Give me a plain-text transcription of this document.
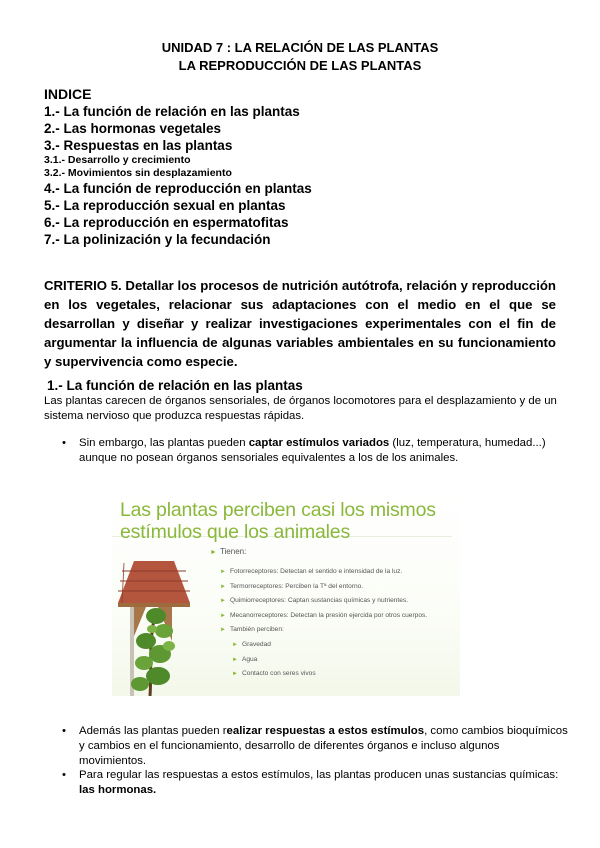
UNIDAD 7 : LA RELACIÓN DE LAS PLANTAS
LA REPRODUCCIÓN DE LAS PLANTAS
INDICE
1.- La función de relación en las plantas
2.- Las hormonas vegetales
3.- Respuestas en las plantas
3.1.- Desarrollo y crecimiento
3.2.- Movimientos sin desplazamiento
4.- La función de reproducción en plantas
5.- La reproducción sexual en plantas
6.- La reproducción en espermatofitas
7.- La polinización y la fecundación

CRITERIO 5. Detallar los procesos de nutrición autótrofa, relación y reproducción en los vegetales, relacionar sus adaptaciones con el medio en el que se desarrollan y diseñar y realizar investigaciones experimentales con el fin de argumentar la influencia de algunas variables ambientales en su funcionamiento y supervivencia como especie.

1.- La función de relación en las plantas

Las plantas carecen de órganos sensoriales, de órganos locomotores para el desplazamiento y de un sistema nervioso que produzca respuestas rápidas.

• Sin embargo, las plantas pueden captar estímulos variados (luz, temperatura, humedad...) aunque no posean órganos sensoriales equivalentes a los de los animales.

Las plantas perciben casi los mismos
estímulos que los animales
► Tienen:
► Fotorreceptores: Detectan el sentido e intensidad de la luz.
► Termorreceptores: Perciben la Tª del entorno.
► Quimiorreceptores: Captan sustancias químicas y nutrientes.
► Mecanorreceptores: Detectan la presión ejercida por otros cuerpos.
► También perciben:
► Gravedad
► Agua
► Contacto con seres vivos

• Además las plantas pueden realizar respuestas a estos estímulos, como cambios bioquímicos y cambios en el funcionamiento, desarrollo de diferentes órganos e incluso algunos movimientos.

• Para regular las respuestas a estos estímulos, las plantas producen unas sustancias químicas: las hormonas.
